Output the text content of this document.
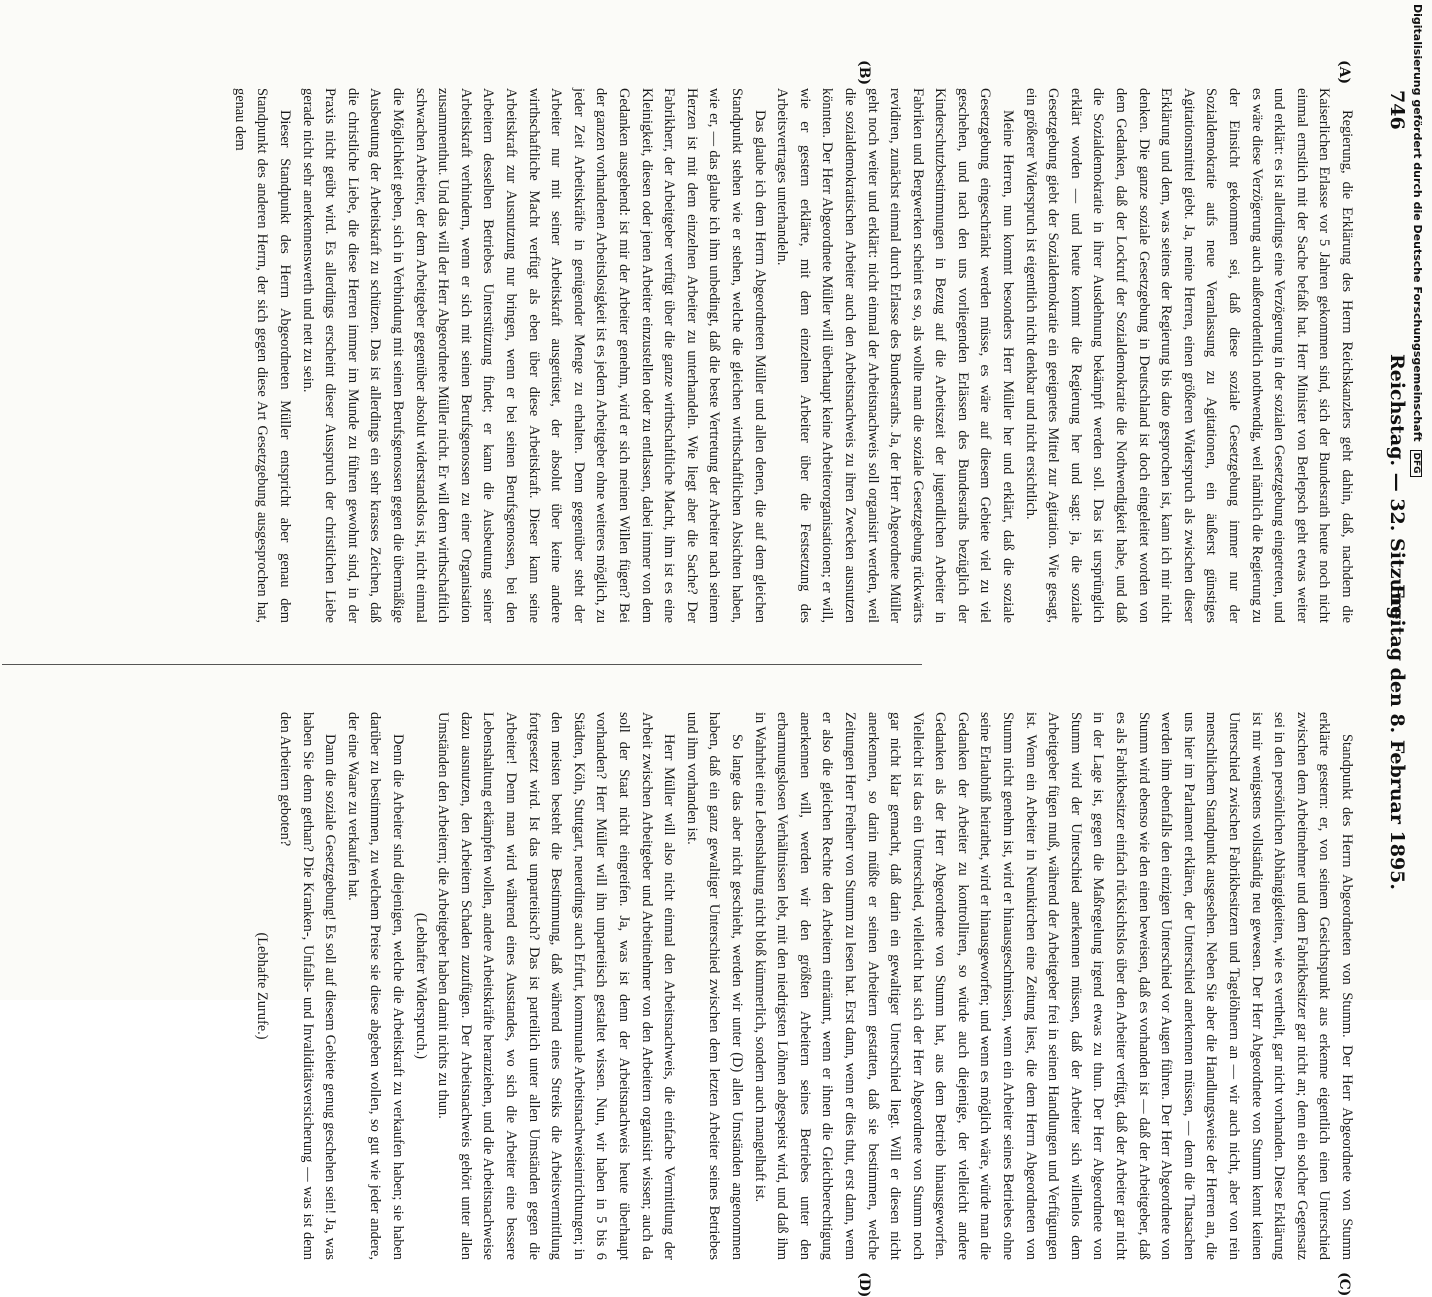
746
Reichstag. — 32. Sitzung.
Freitag den 8. Februar 1895.
(A)
(B)
(C)
(D)

Regierung, die Erklärung des Herrn Reichskanzlers geht dahin, daß, nachdem die Kaiserlichen Erlasse vor 5 Jahren gekommen sind, sich der Bundesrath heute noch nicht einmal ernstlich mit der Sache befaßt hat. Herr Minister von Berlepsch geht etwas weiter und erklärt: es ist allerdings eine Verzögerung in der sozialen Gesetzgebung eingetreten, und es wäre diese Verzögerung auch außerordentlich nothwendig, weil nämlich die Regierung zu der Einsicht gekommen sei, daß diese soziale Gesetzgebung immer nur der Sozialdemokratie aufs neue Veranlassung zu Agitationen, ein äußerst günstiges Agitationsmittel giebt. Ja, meine Herren, einen größeren Widerspruch als zwischen dieser Erklärung und dem, was seitens der Regierung bis dato gesprochen ist, kann ich mir nicht denken. Die ganze soziale Gesetzgebung in Deutschland ist doch eingeleitet worden von dem Gedanken, daß der Lockruf der Sozialdemokratie die Nothwendigkeit habe, und daß die Sozialdemokratie in ihrer Ausdehnung bekämpft werden soll. Das ist ursprünglich erklärt worden — und heute kommt die Regierung her und sagt: ja, die soziale Gesetzgebung giebt der Sozialdemokratie ein geeignetes Mittel zur Agitation. Wie gesagt, ein größerer Widerspruch ist eigentlich nicht denkbar und nicht ersichtlich.

Meine Herren, nun kommt besonders Herr Müller her und erklärt, daß die soziale Gesetzgebung eingeschränkt werden müsse, es wäre auf diesem Gebiete viel zu viel geschehen, und nach den uns vorliegenden Erlässen des Bundesraths bezüglich der Kinderschutzbestimmungen in Bezug auf die Arbeitszeit der jugendlichen Arbeiter in Fabriken und Bergwerken scheint es so, als wollte man die soziale Gesetzgebung rückwärts revidiren, zunächst einmal durch Erlasse des Bundesraths. Ja, der Herr Abgeordnete Müller geht noch weiter und erklärt: nicht einmal der Arbeitsnachweis soll organisirt werden, weil die sozialdemokratischen Arbeiter auch den Arbeitsnachweis zu ihren Zwecken ausnutzen könnten. Der Herr Abgeordnete Müller will überhaupt keine Arbeiterorganisationen; er will, wie er gestern erklärte, mit dem einzelnen Arbeiter über die Festsetzung des Arbeitsvertrages unterhandeln.

Das glaube ich dem Herrn Abgeordneten Müller und allen denen, die auf dem gleichen Standpunkt stehen wie er stehen, welche die gleichen wirthschaftlichen Absichten haben, wie er, — das glaube ich ihm unbedingt, daß die beste Vertretung der Arbeiter nach seinem Herzen ist mit dem einzelnen Arbeiter zu unterhandeln. Wie liegt aber die Sache? Der Fabrikherr, der Arbeitgeber verfügt über die ganze wirthschaftliche Macht, ihm ist es eine Kleinigkeit, diesen oder jenen Arbeiter einzustellen oder zu entlassen, dabei immer von dem Gedanken ausgehend: ist mir der Arbeiter genehm, wird er sich meinen Willen fügen? Bei der ganzen vorhandenen Arbeitslosigkeit ist es jedem Arbeitgeber ohne weiteres möglich, zu jeder Zeit Arbeitskräfte in genügender Menge zu erhalten. Denn gegenüber steht der Arbeiter nur mit seiner Arbeitskraft ausgerüstet, der absolut über keine andere wirthschaftliche Macht verfügt als eben über diese Arbeitskraft. Dieser kann seine Arbeitskraft zur Ausnutzung nur bringen, wenn er bei seinen Berufsgenossen, bei den Arbeitern desselben Betriebes Unterstützung findet; er kann die Ausbeutung seiner Arbeitskraft verhindern, wenn er sich mit seinen Berufsgenossen zu einer Organisation zusammenthut. Und das will der Herr Abgeordnete Müller nicht. Er will dem wirthschaftlich schwachen Arbeiter, der dem Arbeitgeber gegenüber absolut widerstandslos ist, nicht einmal die Möglichkeit geben, sich in Verbindung mit seinen Berufsgenossen gegen die übermäßige Ausbeutung der Arbeitskraft zu schützen. Das ist allerdings ein sehr krasses Zeichen, daß die christliche Liebe, die diese Herren immer im Munde zu führen gewohnt sind, in der Praxis nicht geübt wird. Es allerdings erscheint dieser Ausspruch der christlichen Liebe gerade nicht sehr anerkennenswerth und nett zu sein.

Dieser Standpunkt des Herrn Abgeordneten Müller entspricht aber genau dem Standpunkt des anderen Herrn, der sich gegen diese Art Gesetzgebung ausgesprochen hat, genau dem

Standpunkt des Herrn Abgeordneten von Stumm. Der Herr Abgeordnete von Stumm erklärte gestern: er, von seinem Gesichtspunkt aus erkenne eigentlich einen Unterschied zwischen dem Arbeitnehmer und dem Fabrikbesitzer gar nicht an; denn ein solcher Gegensatz sei in den persönlichen Abhängigkeiten, wie es vertheilt, gar nicht vorhanden. Diese Erklärung ist mir wenigstens vollständig neu gewesen. Der Herr Abgeordnete von Stumm kennt keinen Unterschied zwischen Fabrikbesitzern und Tagelöhnern an — wir auch nicht, aber von rein menschlichem Standpunkt ausgesehen. Neben Sie aber die Handlungsweise der Herren an, die uns hier im Parlament erklären, der Unterschied anerkennen müssen, — denn die Thatsachen werden ihm ebenfalls den einzigen Unterschied vor Augen führen. Der Herr Abgeordnete von Stumm wird ebenso wie den einen beweisen, daß es vorhanden ist — daß der Arbeitgeber, daß es als Fabrikbesitzer einfach rücksichtslos über den Arbeiter verfügt, daß der Arbeiter gar nicht in der Lage ist, gegen die Maßregelung irgend etwas zu thun. Der Herr Abgeordnete von Stumm wird der Unterschied anerkennen müssen, daß der Arbeiter sich willenlos dem Arbeitgeber fügen muß, während der Arbeitgeber frei in seinen Handlungen und Verfügungen ist. Wenn ein Arbeiter in Neunkirchen eine Zeitung liest, die dem Herrn Abgeordneten von Stumm nicht genehm ist, wird er hinausgeschmissen, wenn ein Arbeiter seines Betriebes ohne seine Erlaubniß heirathet, wird er hinausgeworfen; und wenn es möglich wäre, würde man die Gedanken der Arbeiter zu kontrolliren, so würde auch diejenige, der vielleicht andere Gedanken als der Herr Abgeordnete von Stumm hat, aus dem Betrieb hinausgeworfen. Vielleicht ist das ein Unterschied, vielleicht hat sich der Herr Abgeordnete von Stumm noch gar nicht klar gemacht, daß darin ein gewaltiger Unterschied liegt. Will er diesen nicht anerkennen, so darin müßte er seinen Arbeitern gestatten, daß sie bestimmen, welche Zeitungen Herr Freiherr von Stumm zu lesen hat. Erst dann, wenn er dies thut, erst dann, wenn er also die gleichen Rechte den Arbeitern einräumt, wenn er ihnen die Gleichberechtigung anerkennen will, werden wir den größten Arbeitern seines Betriebes unter den erbarmungslosen Verhältnissen lebt, mit den niedrigsten Löhnen abgespeist wird, und daß ihm in Wahrheit eine Lebenshaltung nicht bloß kümmerlich, sondern auch mangelhaft ist.

So lange das aber nicht geschieht, werden wir unter (D) allen Umständen angenommen haben, daß ein ganz gewaltiger Unterschied zwischen dem letzten Arbeiter seines Betriebes und ihm vorhanden ist.

Herr Müller will also nicht einmal den Arbeitsnachweis, die einfache Vermittlung der Arbeit zwischen Arbeitgeber und Arbeitnehmer von den Arbeitern organisirt wissen; auch da soll der Staat nicht eingreifen. Ja, was ist denn der Arbeitsnachweis heute überhaupt vorhanden? Herr Müller will ihn unparteiisch gestaltet wissen. Nun, wir haben in 5 bis 6 Städten, Köln, Stuttgart, neuerdings auch Erfurt, kommunale Arbeitsnachweiseinrichtungen; in den meisten besteht die Bestimmung, daß während eines Streiks die Arbeitsvermittlung fortgesetzt wird. Ist das unparteiisch? Das ist parteilich unter allen Umständen gegen die Arbeiter! Denn man wird während eines Ausstandes, wo sich die Arbeiter eine bessere Lebenshaltung erkämpfen wollen, andere Arbeitskräfte heranziehen, und die Arbeitsnachweise dazu ausnutzen, den Arbeitern Schaden zuzufügen. Der Arbeitsnachweis gehört unter allen Umständen den Arbeitern; die Arbeitgeber haben damit nichts zu thun.

(Lebhafter Widerspruch.)

Denn die Arbeiter sind diejenigen, welche die Arbeitskraft zu verkaufen haben; sie haben darüber zu bestimmen, zu welchem Preise sie diese abgeben wollen, so gut wie jeder andere, der eine Waare zu verkaufen hat.

Dann die soziale Gesetzgebung! Es soll auf diesem Gebiete genug geschehen sein! Ja, was haben Sie denn gethan? Die Kranken-, Unfalls- und Invaliditätsversicherung — was ist denn den Arbeitern geboten?

(Lebhafte Zurufe.)

Digitalisierung gefördert durch die Deutsche Forschungsgemeinschaft DFG
